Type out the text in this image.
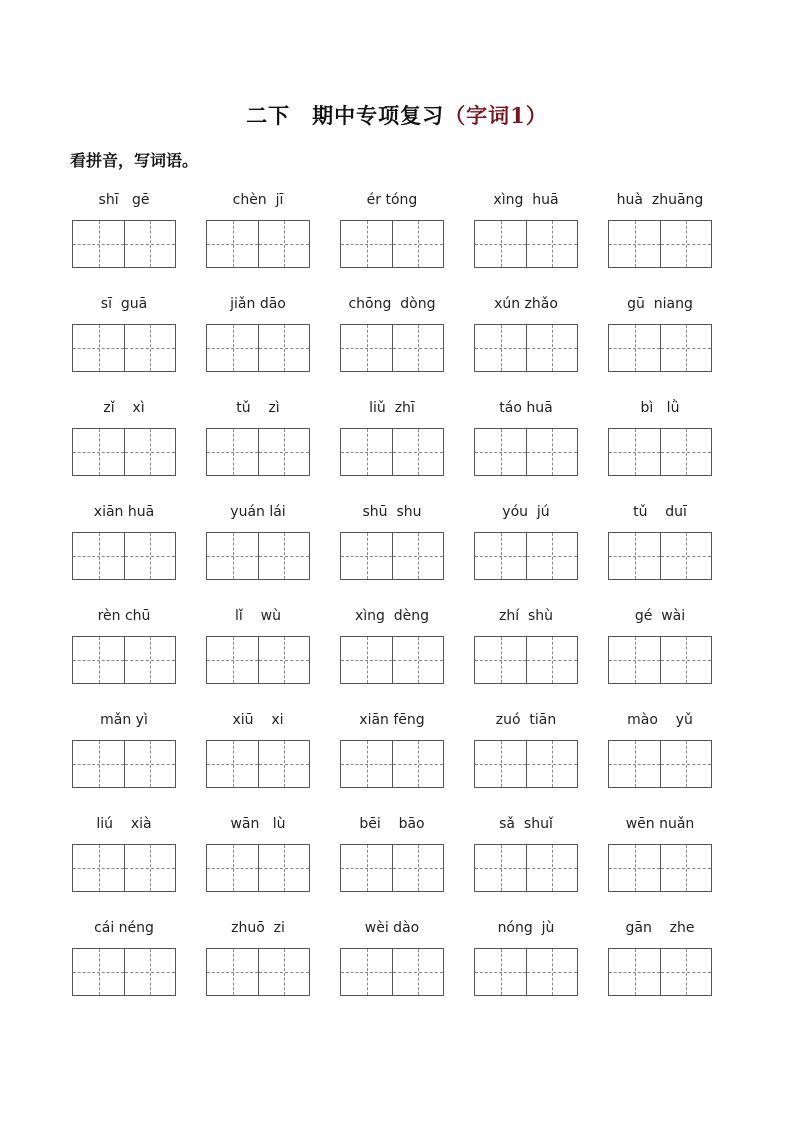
二下　期中专项复习（字词1）
看拼音，写词语。
shī   gē	chèn  jī	ér tóng	xìng  huā	huà  zhuāng
sī  guā	jiǎn dāo	chōng  dòng	xún zhǎo	gū  niang
zǐ    xì	tǔ    zì	liǔ  zhī	táo huā	bì   lǜ
xiān huā	yuán lái	shū  shu	yóu  jú	tǔ    duī
rèn chū	lǐ    wù	xìng  dèng	zhí  shù	gé  wài
mǎn yì	xiū    xi	xiān fēng	zuó  tiān	mào    yǔ
liú    xià	wān   lù	bēi    bāo	sǎ  shuǐ	wēn nuǎn
cái néng	zhuō  zi	wèi dào	nóng  jù	gān    zhe
